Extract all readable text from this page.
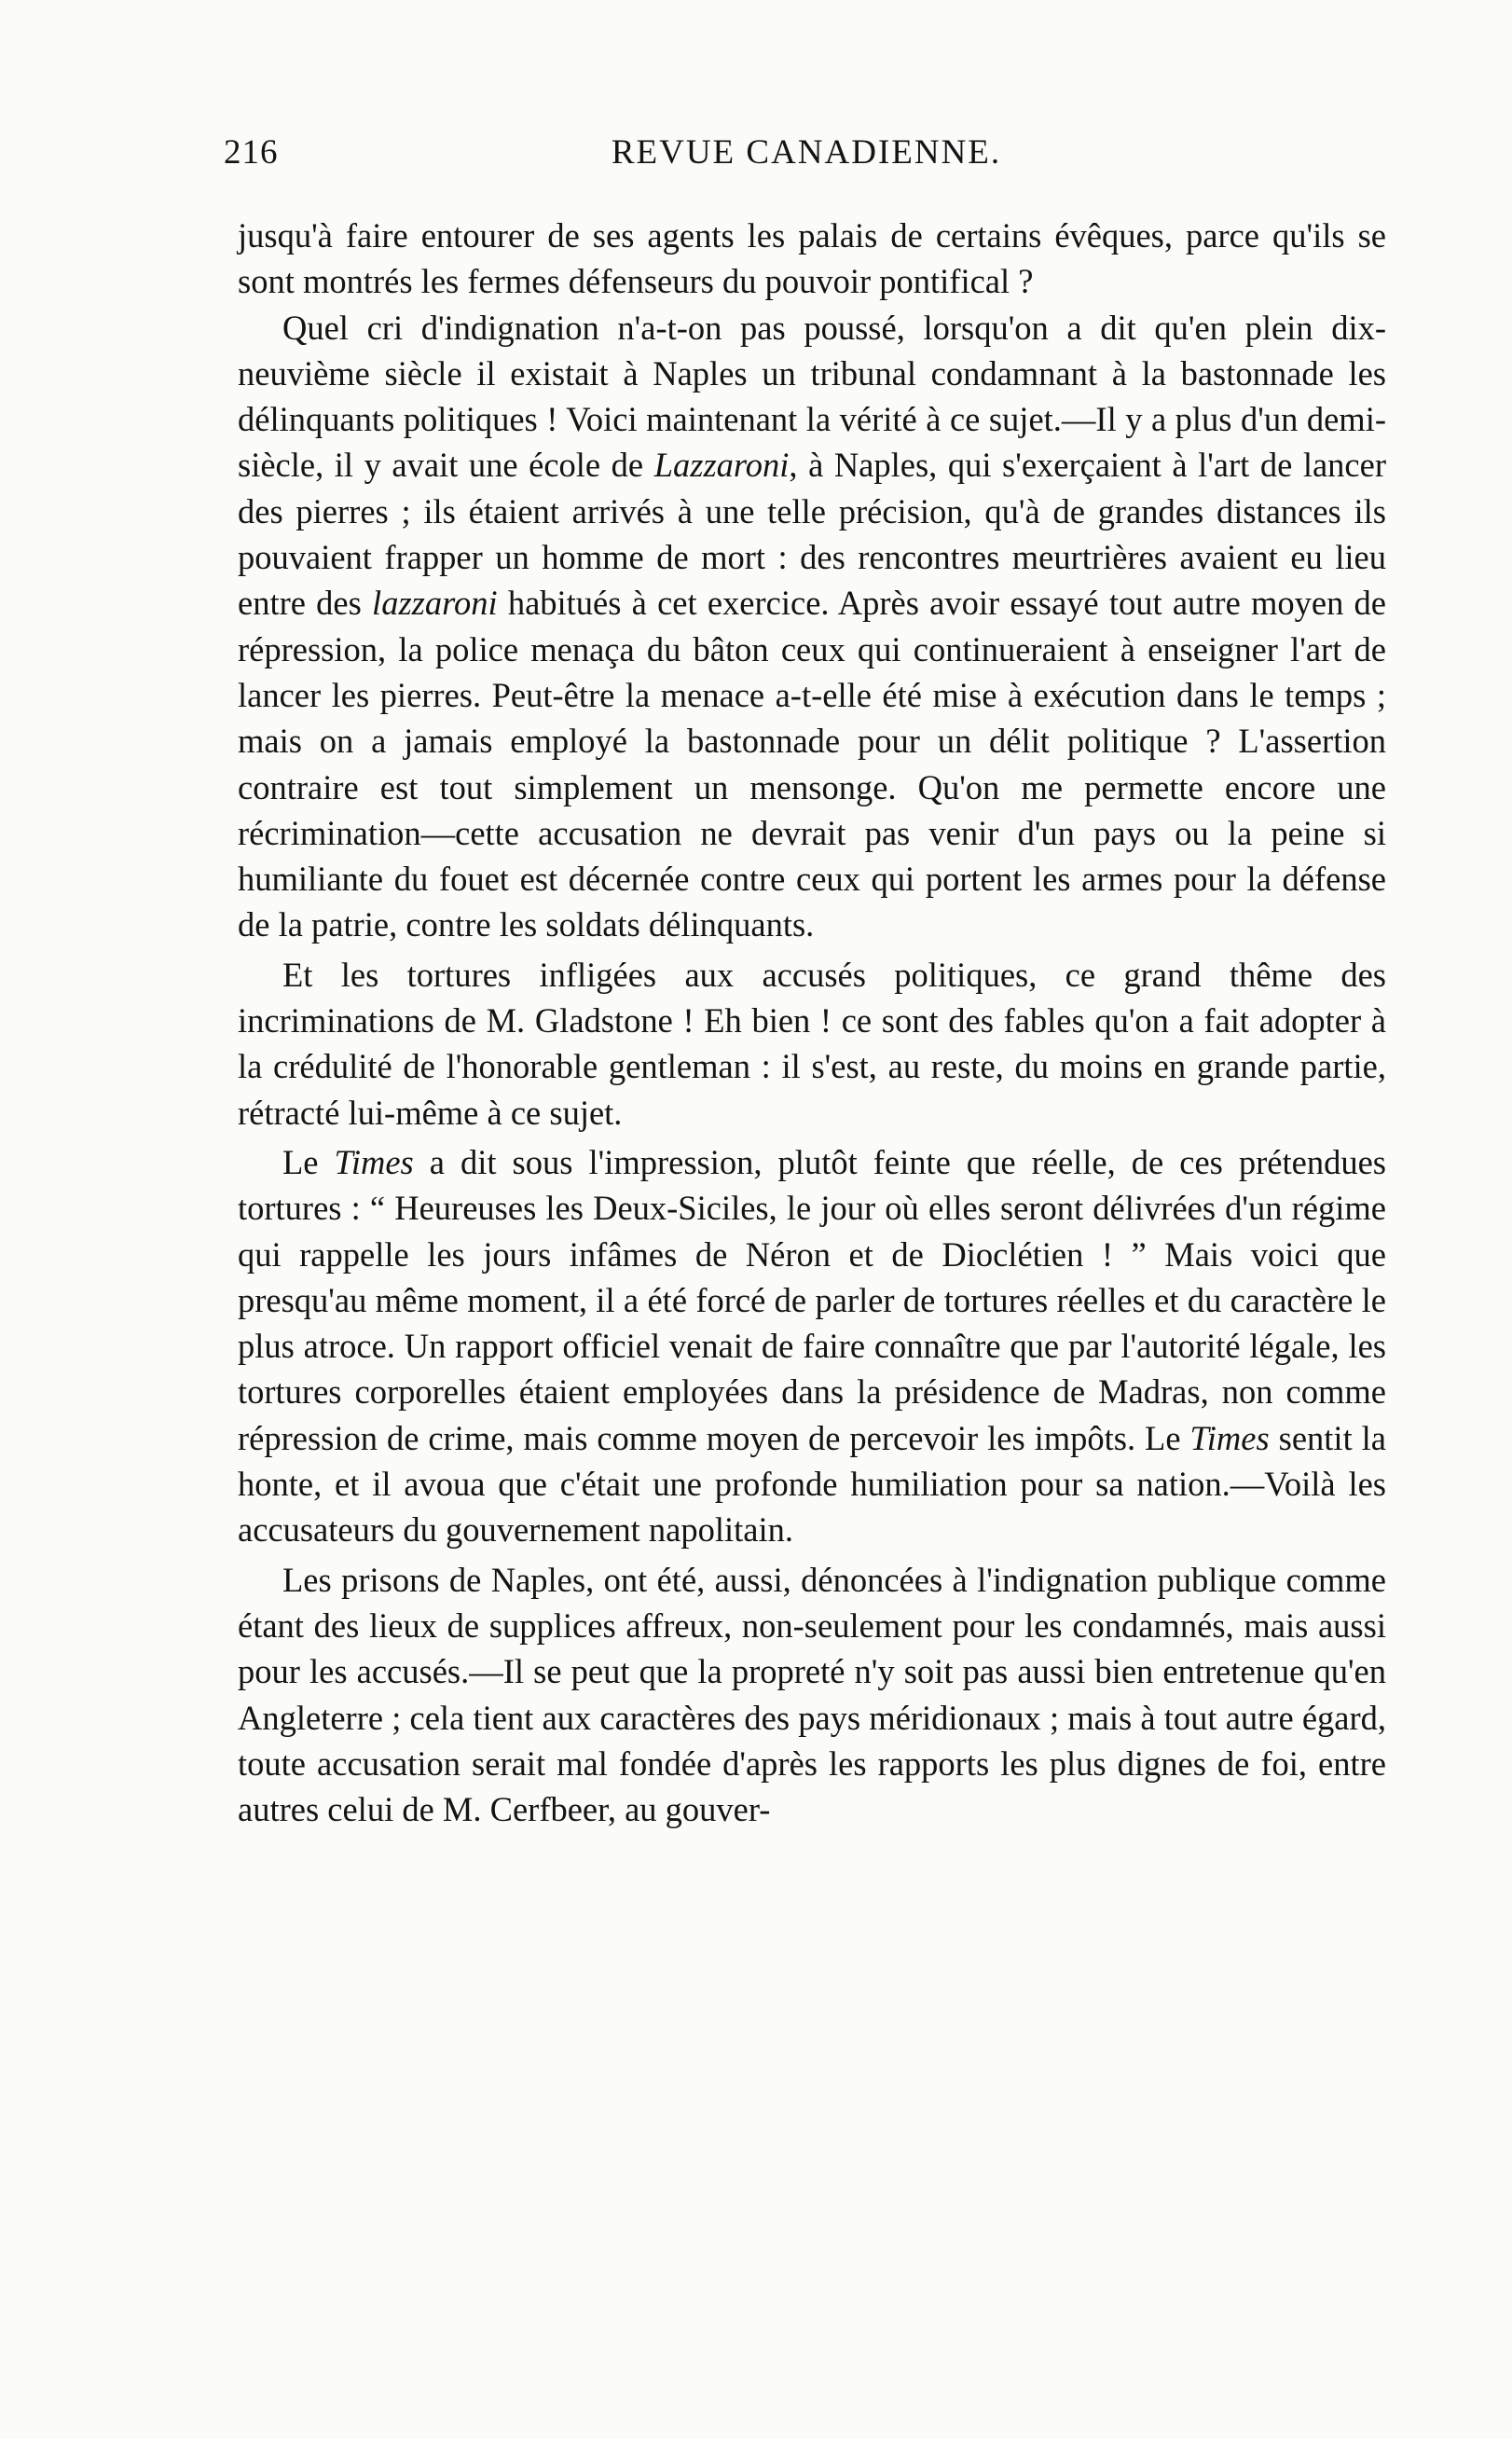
216	REVUE CANADIENNE.

jusqu'à faire entourer de ses agents les palais de certains évêques, parce qu'ils se sont montrés les fermes défenseurs du pouvoir pontifical ?

Quel cri d'indignation n'a-t-on pas poussé, lorsqu'on a dit qu'en plein dix-neuvième siècle il existait à Naples un tribunal condamnant à la bastonnade les délinquants politiques ! Voici maintenant la vérité à ce sujet.—Il y a plus d'un demi-siècle, il y avait une école de Lazzaroni, à Naples, qui s'exerçaient à l'art de lancer des pierres ; ils étaient arrivés à une telle précision, qu'à de grandes distances ils pouvaient frapper un homme de mort : des rencontres meurtrières avaient eu lieu entre des lazzaroni habitués à cet exercice. Après avoir essayé tout autre moyen de répression, la police menaça du bâton ceux qui continueraient à enseigner l'art de lancer les pierres. Peut-être la menace a-t-elle été mise à exécution dans le temps ; mais on a jamais employé la bastonnade pour un délit politique ? L'assertion contraire est tout simplement un mensonge. Qu'on me permette encore une récrimination—cette accusation ne devrait pas venir d'un pays ou la peine si humiliante du fouet est décernée contre ceux qui portent les armes pour la défense de la patrie, contre les soldats délinquants.

Et les tortures infligées aux accusés politiques, ce grand thême des incriminations de M. Gladstone ! Eh bien ! ce sont des fables qu'on a fait adopter à la crédulité de l'honorable gentleman : il s'est, au reste, du moins en grande partie, rétracté lui-même à ce sujet.

Le Times a dit sous l'impression, plutôt feinte que réelle, de ces prétendues tortures : “ Heureuses les Deux-Siciles, le jour où elles seront délivrées d'un régime qui rappelle les jours infâmes de Néron et de Dioclétien ! ” Mais voici que presqu'au même moment, il a été forcé de parler de tortures réelles et du caractère le plus atroce. Un rapport officiel venait de faire connaître que par l'autorité légale, les tortures corporelles étaient employées dans la présidence de Madras, non comme répression de crime, mais comme moyen de percevoir les impôts. Le Times sentit la honte, et il avoua que c'était une profonde humiliation pour sa nation.—Voilà les accusateurs du gouvernement napolitain.

Les prisons de Naples, ont été, aussi, dénoncées à l'indignation publique comme étant des lieux de supplices affreux, non-seulement pour les condamnés, mais aussi pour les accusés.—Il se peut que la propreté n'y soit pas aussi bien entretenue qu'en Angleterre ; cela tient aux caractères des pays méridionaux ; mais à tout autre égard, toute accusation serait mal fondée d'après les rapports les plus dignes de foi, entre autres celui de M. Cerfbeer, au gouver-
